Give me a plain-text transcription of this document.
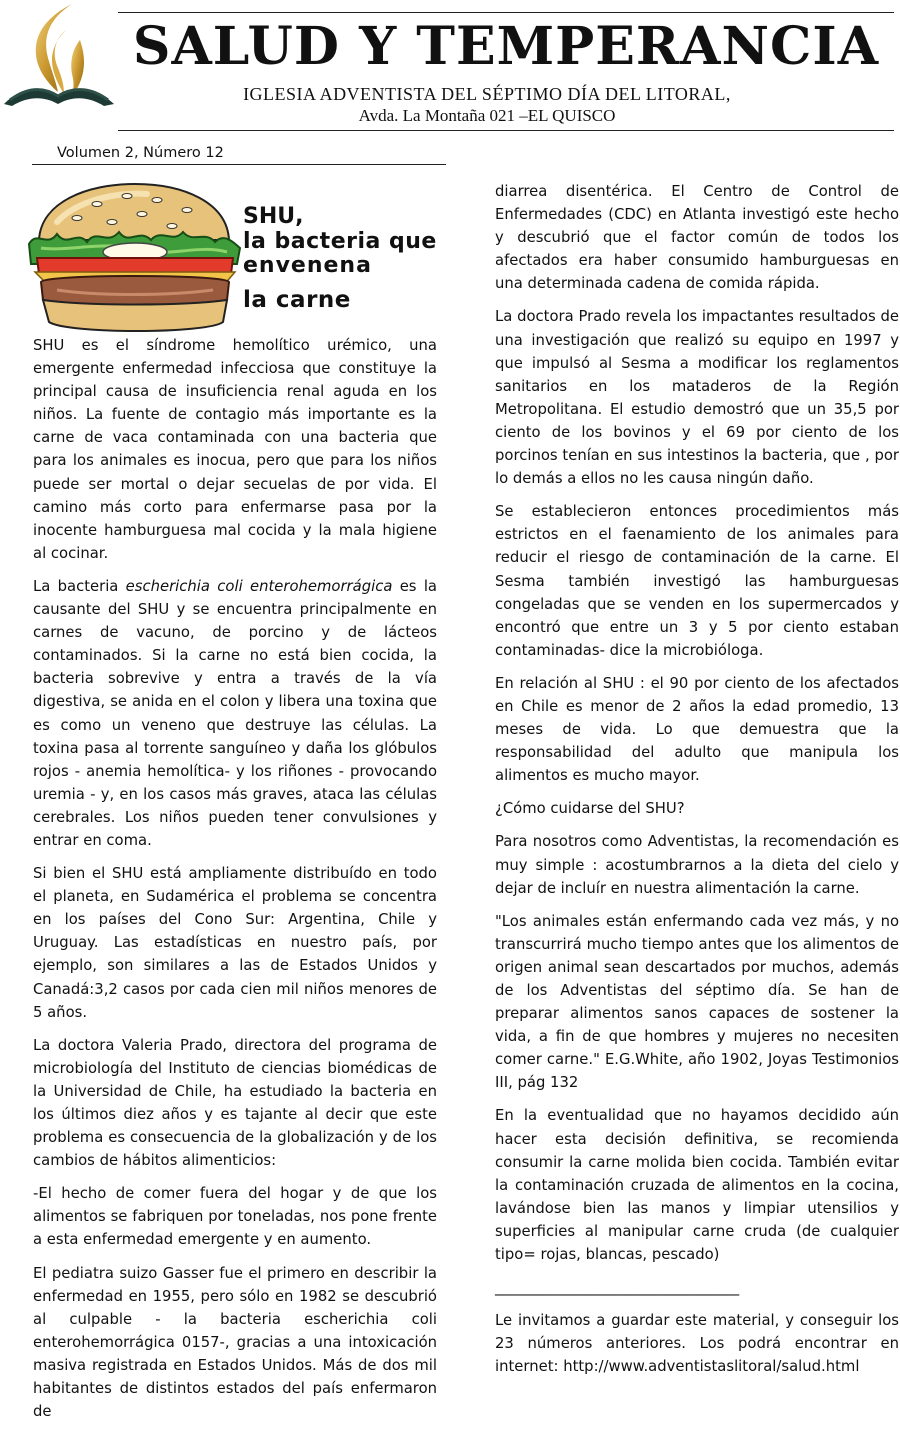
SALUD Y TEMPERANCIA
IGLESIA ADVENTISTA DEL SÉPTIMO DÍA DEL LITORAL,
Avda. La Montaña 021 –EL QUISCO
Volumen 2, Número 12
SHU,
la bacteria que
envenena
la carne

SHU es el síndrome hemolítico urémico, una emergente enfermedad infecciosa que constituye la principal causa de insuficiencia renal aguda en los niños. La fuente de contagio más importante es la carne de vaca contaminada con una bacteria que para los animales es inocua, pero que para los niños puede ser mortal o dejar secuelas de por vida. El camino más corto para enfermarse pasa por la inocente hamburguesa mal cocida y la mala higiene al cocinar.

La bacteria escherichia coli enterohemorrágica es la causante del SHU y se encuentra principalmente en carnes de vacuno, de porcino y de lácteos contaminados. Si la carne no está bien cocida, la bacteria sobrevive y entra a través de la vía digestiva, se anida en el colon y libera una toxina que es como un veneno que destruye las células. La toxina pasa al torrente sanguíneo y daña los glóbulos rojos - anemia hemolítica- y los riñones - provocando uremia - y, en los casos más graves, ataca las células cerebrales. Los niños pueden tener convulsiones y entrar en coma.

Si bien el SHU está ampliamente distribuído en todo el planeta, en Sudamérica el problema se concentra en los países del Cono Sur: Argentina, Chile y Uruguay. Las estadísticas en nuestro país, por ejemplo, son similares a las de Estados Unidos y Canadá:3,2 casos por cada cien mil niños menores de 5 años.

La doctora Valeria Prado, directora del programa de microbiología del Instituto de ciencias biomédicas de la Universidad de Chile, ha estudiado la bacteria en los últimos diez años y es tajante al decir que este problema es consecuencia de la globalización y de los cambios de hábitos alimenticios:

-El hecho de comer fuera del hogar y de que los alimentos se fabriquen por toneladas, nos pone frente a esta enfermedad emergente y en aumento.

El pediatra suizo Gasser fue el primero en describir la enfermedad en 1955, pero sólo en 1982 se descubrió al culpable - la bacteria escherichia coli enterohemorrágica 0157-, gracias a una intoxicación masiva registrada en Estados Unidos. Más de dos mil habitantes de distintos estados del país enfermaron de

diarrea disentérica. El Centro de Control de Enfermedades (CDC) en Atlanta investigó este hecho y descubrió que el factor común de todos los afectados era haber consumido hamburguesas en una determinada cadena de comida rápida.

La doctora Prado revela los impactantes resultados de una investigación que realizó su equipo en 1997 y que impulsó al Sesma a modificar los reglamentos sanitarios en los mataderos de la Región Metropolitana. El estudio demostró que un 35,5 por ciento de los bovinos y el 69 por ciento de los porcinos tenían en sus intestinos la bacteria, que , por lo demás a ellos no les causa ningún daño.

Se establecieron entonces procedimientos más estrictos en el faenamiento de los animales para reducir el riesgo de contaminación de la carne. El Sesma también investigó las hamburguesas congeladas que se venden en los supermercados y encontró que entre un 3 y 5 por ciento estaban contaminadas- dice la microbióloga.

En relación al SHU : el 90 por ciento de los afectados en Chile es menor de 2 años la edad promedio, 13 meses de vida. Lo que demuestra que la responsabilidad del adulto que manipula los alimentos es mucho mayor.

¿Cómo cuidarse del SHU?

Para nosotros como Adventistas, la recomendación es muy simple : acostumbrarnos a la dieta del cielo y dejar de incluír en nuestra alimentación la carne.

"Los animales están enfermando cada vez más, y no transcurrirá mucho tiempo antes que los alimentos de origen animal sean descartados por muchos, además de los Adventistas del séptimo día. Se han de preparar alimentos sanos capaces de sostener la vida, a fin de que hombres y mujeres no necesiten comer carne." E.G.White, año 1902, Joyas Testimonios III, pág 132

En la eventualidad que no hayamos decidido aún hacer esta decisión definitiva, se recomienda consumir la carne molida bien cocida. También evitar la contaminación cruzada de alimentos en la cocina, lavándose bien las manos y limpiar utensilios y superficies al manipular carne cruda (de cualquier tipo= rojas, blancas, pescado)

_________________________________

Le invitamos a guardar este material, y conseguir los 23 números anteriores. Los podrá encontrar en internet: http://www.adventistaslitoral/salud.html
